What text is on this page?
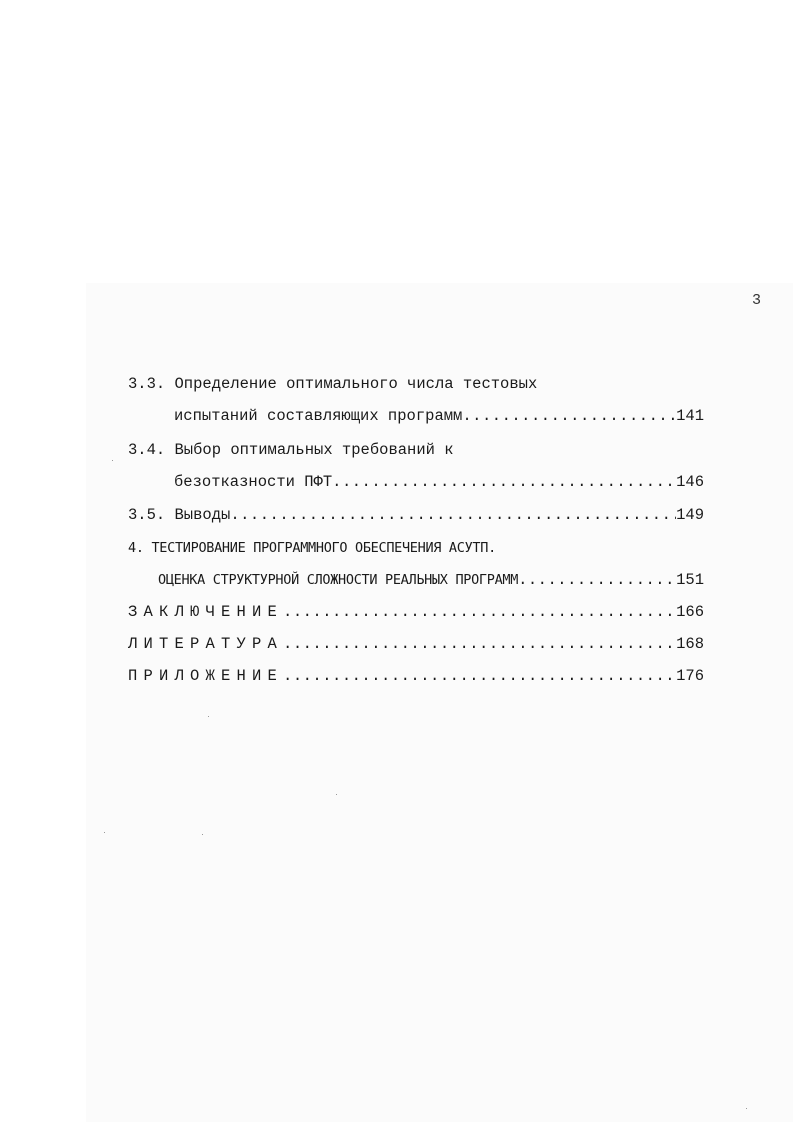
3
3.3. Определение оптимального числа тестовых
испытаний составляющих программ .....	141
3.4. Выбор оптимальных требований к
безотказности ПФТ .....	146
3.5. Выводы .....	149
4. ТЕСТИРОВАНИЕ ПРОГРАММНОГО ОБЕСПЕЧЕНИЯ АСУТП.
ОЦЕНКА СТРУКТУРНОЙ СЛОЖНОСТИ РЕАЛЬНЫХ ПРОГРАММ .....	151
ЗАКЛЮЧЕНИЕ .....	166
ЛИТЕРАТУРА .....	168
ПРИЛОЖЕНИЕ .....	176
